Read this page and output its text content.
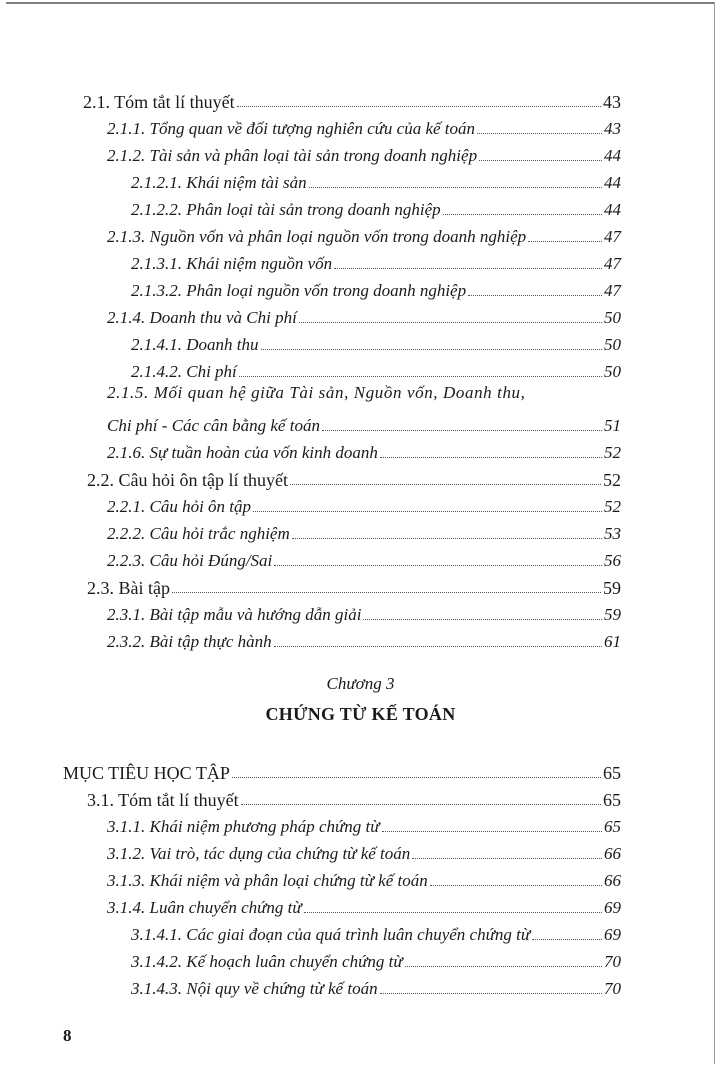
2.1. Tóm tắt lí thuyết	43
2.1.1. Tổng quan về đối tượng nghiên cứu của kế toán	43
2.1.2. Tài sản và phân loại tài sản trong doanh nghiệp	44
2.1.2.1. Khái niệm tài sản	44
2.1.2.2. Phân loại tài sản trong doanh nghiệp	44
2.1.3. Nguồn vốn và phân loại nguồn vốn trong doanh nghiệp	47
2.1.3.1. Khái niệm nguồn vốn	47
2.1.3.2. Phân loại nguồn vốn trong doanh nghiệp	47
2.1.4. Doanh thu và Chi phí	50
2.1.4.1. Doanh thu	50
2.1.4.2. Chi phí	50
2.1.5. Mối quan hệ giữa Tài sản, Nguồn vốn, Doanh thu,
Chi phí - Các cân bằng kế toán	51
2.1.6. Sự tuần hoàn của vốn kinh doanh	52
2.2. Câu hỏi ôn tập lí thuyết	52
2.2.1. Câu hỏi ôn tập	52
2.2.2. Câu hỏi trắc nghiệm	53
2.2.3. Câu hỏi Đúng/Sai	56
2.3. Bài tập	59
2.3.1. Bài tập mẫu và hướng dẫn giải	59
2.3.2. Bài tập thực hành	61
Chương 3
CHỨNG TỪ KẾ TOÁN
MỤC TIÊU HỌC TẬP	65
3.1. Tóm tắt lí thuyết	65
3.1.1. Khái niệm phương pháp chứng từ	65
3.1.2. Vai trò, tác dụng của chứng từ kế toán	66
3.1.3. Khái niệm và phân loại chứng từ kế toán	66
3.1.4. Luân chuyển chứng từ	69
3.1.4.1. Các giai đoạn của quá trình luân chuyển chứng từ	69
3.1.4.2. Kế hoạch luân chuyển chứng từ	70
3.1.4.3. Nội quy về chứng từ kế toán	70
8
